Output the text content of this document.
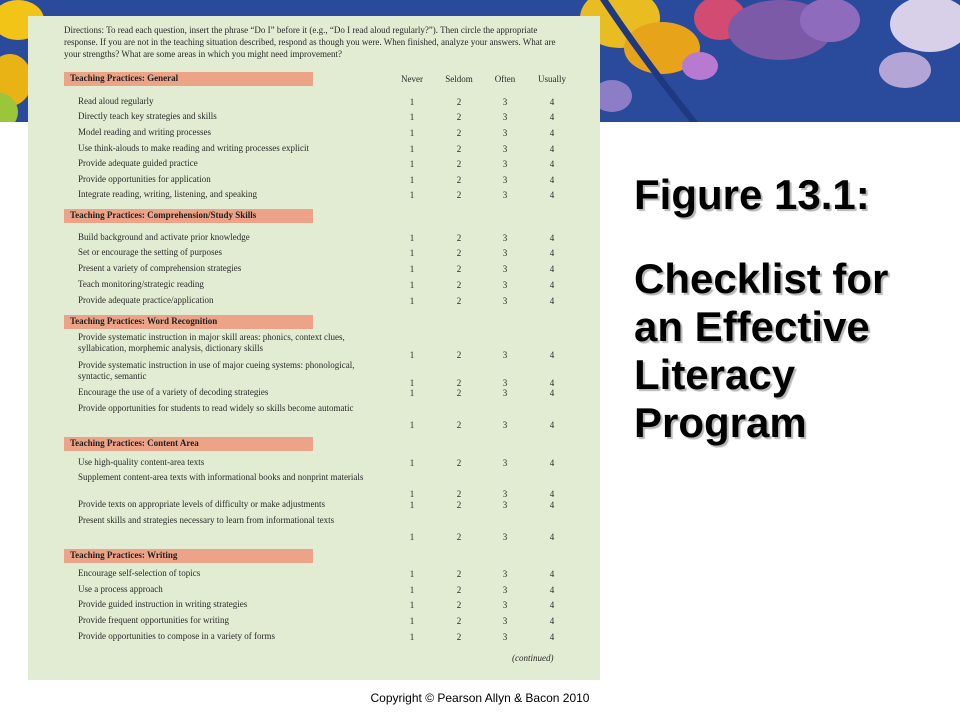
Directions: To read each question, insert the phrase “Do I” before it (e.g., “Do I read aloud regularly?”). Then circle the appropriate response. If you are not in the teaching situation described, respond as though you were. When finished, analyze your answers. What are your strengths? What are some areas in which you might need improvement?

Never Seldom Often	Usually
Teaching Practices: General
Read aloud regularly	1	2	3	4
Directly teach key strategies and skills	1	2	3	4
Model reading and writing processes	1	2	3	4
Use think-alouds to make reading and writing processes explicit	1	2	3	4
Provide adequate guided practice	1	2	3	4
Provide opportunities for application	1	2	3	4
Integrate reading, writing, listening, and speaking	1	2	3	4
Teaching Practices: Comprehension/Study Skills
Build background and activate prior knowledge	1	2	3	4
Set or encourage the setting of purposes	1	2	3	4
Present a variety of comprehension strategies	1	2	3	4
Teach monitoring/strategic reading	1	2	3	4
Provide adequate practice/application	1	2	3	4
Teaching Practices: Word Recognition
Provide systematic instruction in major skill areas: phonics, context clues, syllabication, morphemic analysis, dictionary skills
1	2	3	4
Provide systematic instruction in use of major cueing systems: phonological, syntactic, semantic
1	2	3	4
Encourage the use of a variety of decoding strategies	1	2	3	4
Provide opportunities for students to read widely so skills become automatic
1	2	3	4
Teaching Practices: Content Area
Use high-quality content-area texts	1	2	3	4
Supplement content-area texts with informational books and nonprint materials
1	2	3	4
Provide texts on appropriate levels of difficulty or make adjustments	1	2	3	4
Present skills and strategies necessary to learn from informational texts
1	2	3	4
Teaching Practices: Writing
Encourage self-selection of topics	1	2	3	4
Use a process approach	1	2	3	4
Provide guided instruction in writing strategies	1	2	3	4
Provide frequent opportunities for writing	1	2	3	4
Provide opportunities to compose in a variety of forms	1	2	3	4
(continued)
Figure 13.1:
Checklist for an Effective Literacy Program
Copyright © Pearson Allyn & Bacon 2010
